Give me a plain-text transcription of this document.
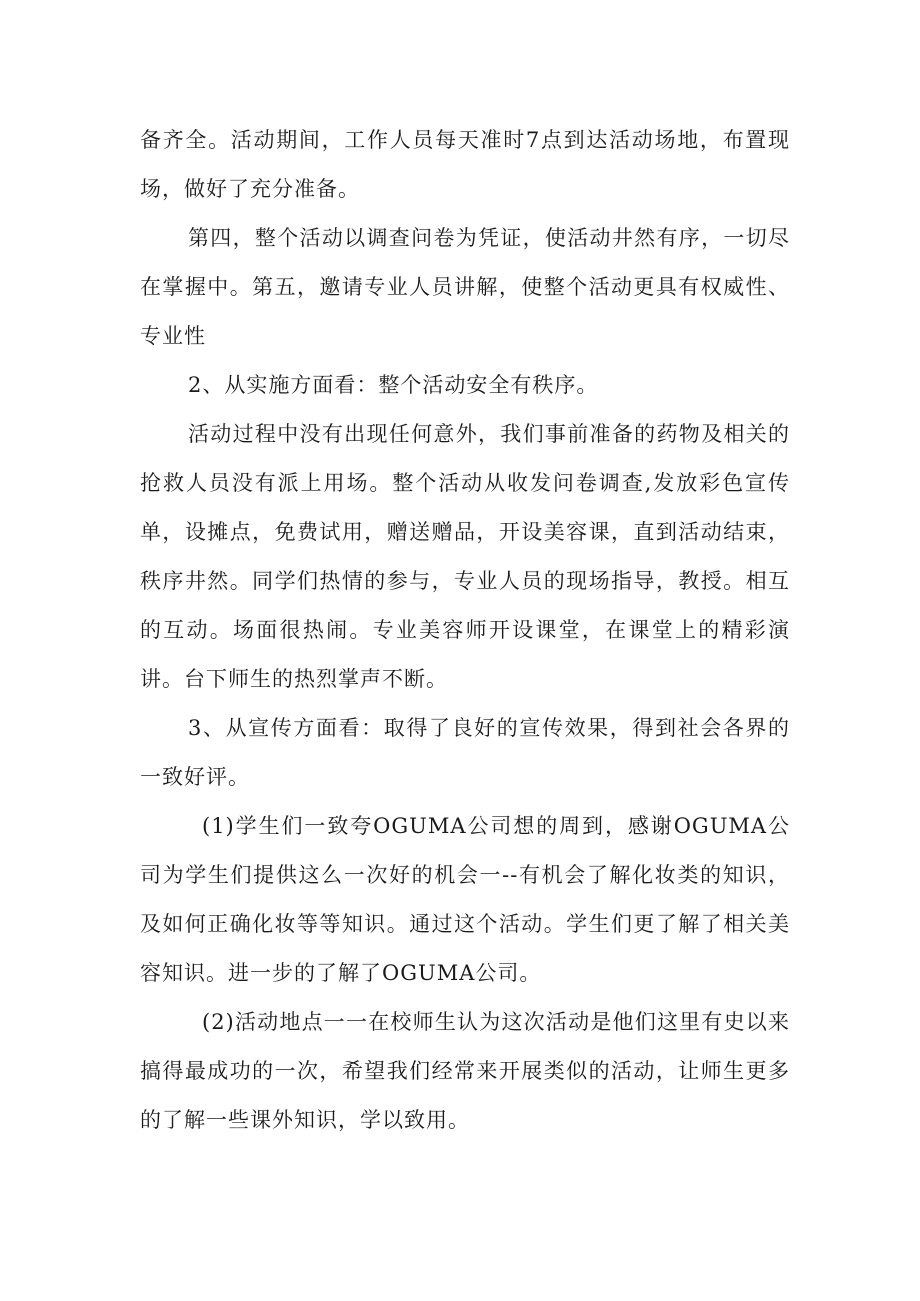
备齐全。活动期间，工作人员每天准时7点到达活动场地，布置现场，做好了充分准备。

第四，整个活动以调查问卷为凭证，使活动井然有序，一切尽在掌握中。第五，邀请专业人员讲解，使整个活动更具有权威性、专业性

2、从实施方面看：整个活动安全有秩序。

活动过程中没有出现任何意外，我们事前准备的药物及相关的抢救人员没有派上用场。整个活动从收发问卷调查,发放彩色宣传单，设摊点，免费试用，赠送赠品，开设美容课，直到活动结束，秩序井然。同学们热情的参与，专业人员的现场指导，教授。相互的互动。场面很热闹。专业美容师开设课堂，在课堂上的精彩演讲。台下师生的热烈掌声不断。

3、从宣传方面看：取得了良好的宣传效果，得到社会各界的一致好评。

(1)学生们一致夸OGUMA公司想的周到，感谢OGUMA公司为学生们提供这么一次好的机会一--有机会了解化妆类的知识，及如何正确化妆等等知识。通过这个活动。学生们更了解了相关美容知识。进一步的了解了OGUMA公司。

(2)活动地点一一在校师生认为这次活动是他们这里有史以来搞得最成功的一次，希望我们经常来开展类似的活动，让师生更多的了解一些课外知识，学以致用。
